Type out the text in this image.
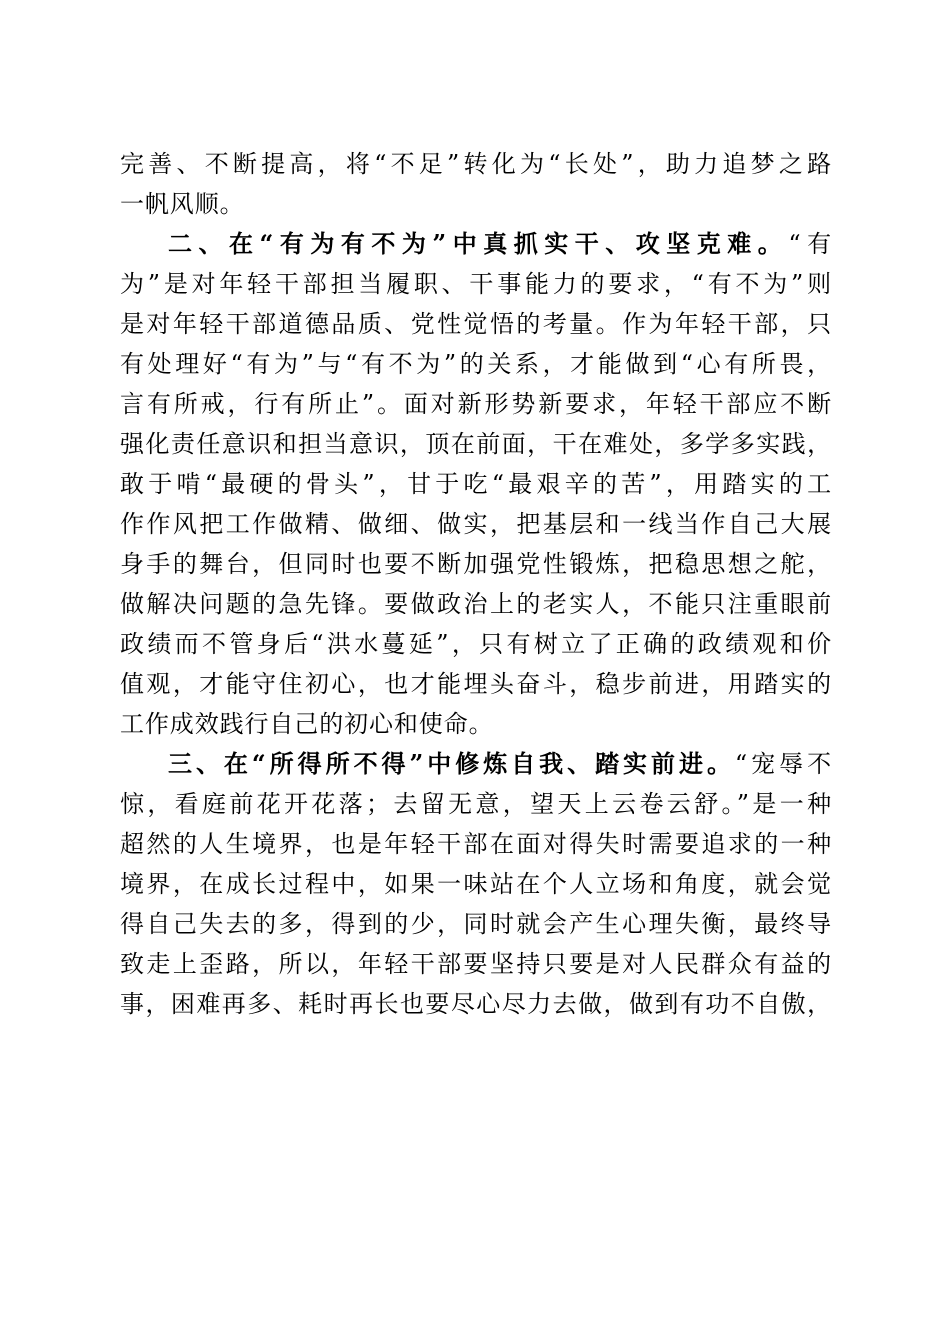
完善、不断提高，将“不足”转化为“长处”，助力追梦之路
一帆风顺。
二、在“有为有不为”中真抓实干、攻坚克难。“有
为”是对年轻干部担当履职、干事能力的要求，“有不为”则
是对年轻干部道德品质、党性觉悟的考量。作为年轻干部，只
有处理好“有为”与“有不为”的关系，才能做到“心有所畏，
言有所戒，行有所止”。面对新形势新要求，年轻干部应不断
强化责任意识和担当意识，顶在前面，干在难处，多学多实践，
敢于啃“最硬的骨头”，甘于吃“最艰辛的苦”，用踏实的工
作作风把工作做精、做细、做实，把基层和一线当作自己大展
身手的舞台，但同时也要不断加强党性锻炼，把稳思想之舵，
做解决问题的急先锋。要做政治上的老实人，不能只注重眼前
政绩而不管身后“洪水蔓延”，只有树立了正确的政绩观和价
值观，才能守住初心，也才能埋头奋斗，稳步前进，用踏实的
工作成效践行自己的初心和使命。
三、在“所得所不得”中修炼自我、踏实前进。“宠辱不
惊，看庭前花开花落；去留无意，望天上云卷云舒。”是一种
超然的人生境界，也是年轻干部在面对得失时需要追求的一种
境界，在成长过程中，如果一味站在个人立场和角度，就会觉
得自己失去的多，得到的少，同时就会产生心理失衡，最终导
致走上歪路，所以，年轻干部要坚持只要是对人民群众有益的
事，困难再多、耗时再长也要尽心尽力去做，做到有功不自傲，
